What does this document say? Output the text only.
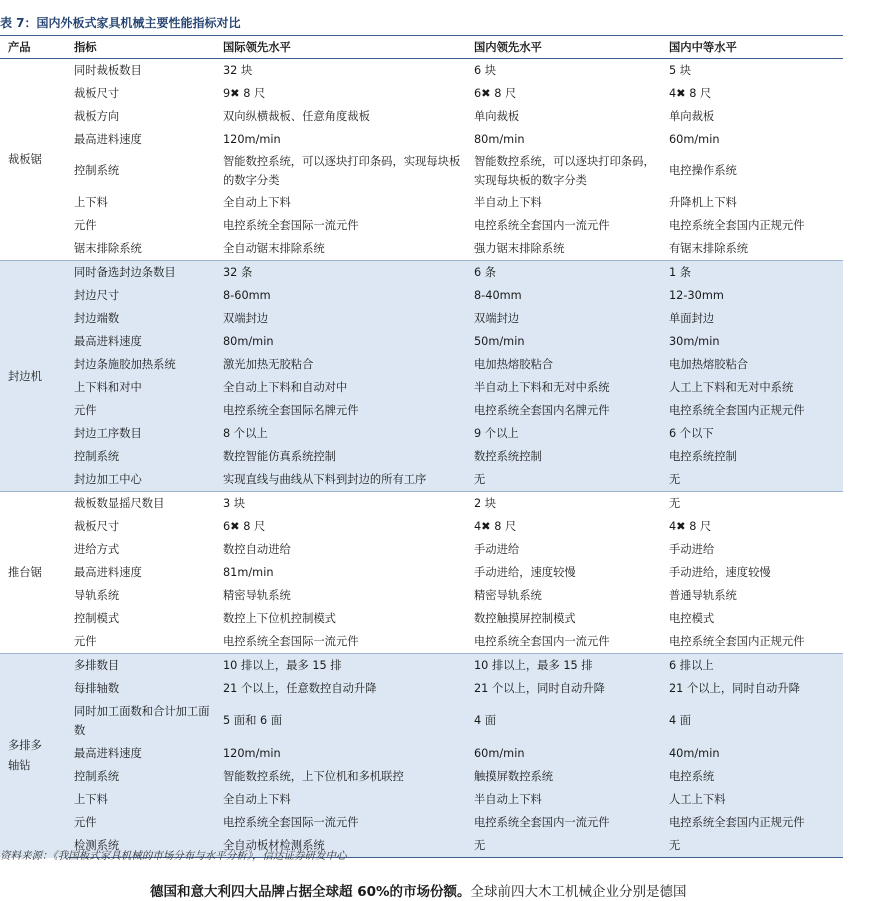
表 7：国内外板式家具机械主要性能指标对比
产品	指标	国际领先水平	国内领先水平	国内中等水平
裁板锯	同时裁板数目	32 块	6 块	5 块
	裁板尺寸	9✖ 8 尺	6✖ 8 尺	4✖ 8 尺
	裁板方向	双向纵横裁板、任意角度裁板	单向裁板	单向裁板
	最高进料速度	120m/min	80m/min	60m/min
	控制系统	智能数控系统，可以逐块打印条码，实现每块板的数字分类	智能数控系统，可以逐块打印条码，实现每块板的数字分类	电控操作系统
	上下料	全自动上下料	半自动上下料	升降机上下料
	元件	电控系统全套国际一流元件	电控系统全套国内一流元件	电控系统全套国内正规元件
	锯末排除系统	全自动锯末排除系统	强力锯末排除系统	有锯末排除系统
封边机	同时备选封边条数目	32 条	6 条	1 条
	封边尺寸	8-60mm	8-40mm	12-30mm
	封边端数	双端封边	双端封边	单面封边
	最高进料速度	80m/min	50m/min	30m/min
	封边条施胶加热系统	激光加热无胶粘合	电加热熔胶粘合	电加热熔胶粘合
	上下料和对中	全自动上下料和自动对中	半自动上下料和无对中系统	人工上下料和无对中系统
	元件	电控系统全套国际名牌元件	电控系统全套国内名牌元件	电控系统全套国内正规元件
	封边工序数目	8 个以上	9 个以上	6 个以下
	控制系统	数控智能仿真系统控制	数控系统控制	电控系统控制
	封边加工中心	实现直线与曲线从下料到封边的所有工序	无	无
推台锯	裁板数显摇尺数目	3 块	2 块	无
	裁板尺寸	6✖ 8 尺	4✖ 8 尺	4✖ 8 尺
	进给方式	数控自动进给	手动进给	手动进给
	最高进料速度	81m/min	手动进给，速度较慢	手动进给，速度较慢
	导轨系统	精密导轨系统	精密导轨系统	普通导轨系统
	控制模式	数控上下位机控制模式	数控触摸屏控制模式	电控模式
	元件	电控系统全套国际一流元件	电控系统全套国内一流元件	电控系统全套国内正规元件
多排多轴钻	多排数目	10 排以上，最多 15 排	10 排以上，最多 15 排	6 排以上
	每排轴数	21 个以上，任意数控自动升降	21 个以上，同时自动升降	21 个以上，同时自动升降
	同时加工面数和合计加工面数	5 面和 6 面	4 面	4 面
	最高进料速度	120m/min	60m/min	40m/min
	控制系统	智能数控系统，上下位机和多机联控	触摸屏数控系统	电控系统
	上下料	全自动上下料	半自动上下料	人工上下料
	元件	电控系统全套国际一流元件	电控系统全套国内一流元件	电控系统全套国内正规元件
	检测系统	全自动板材检测系统	无	无
资料来源：《我国板式家具机械的市场分布与水平分析》，信达证券研发中心
德国和意大利四大品牌占据全球超 60%的市场份额。全球前四大木工机械企业分别是德国
